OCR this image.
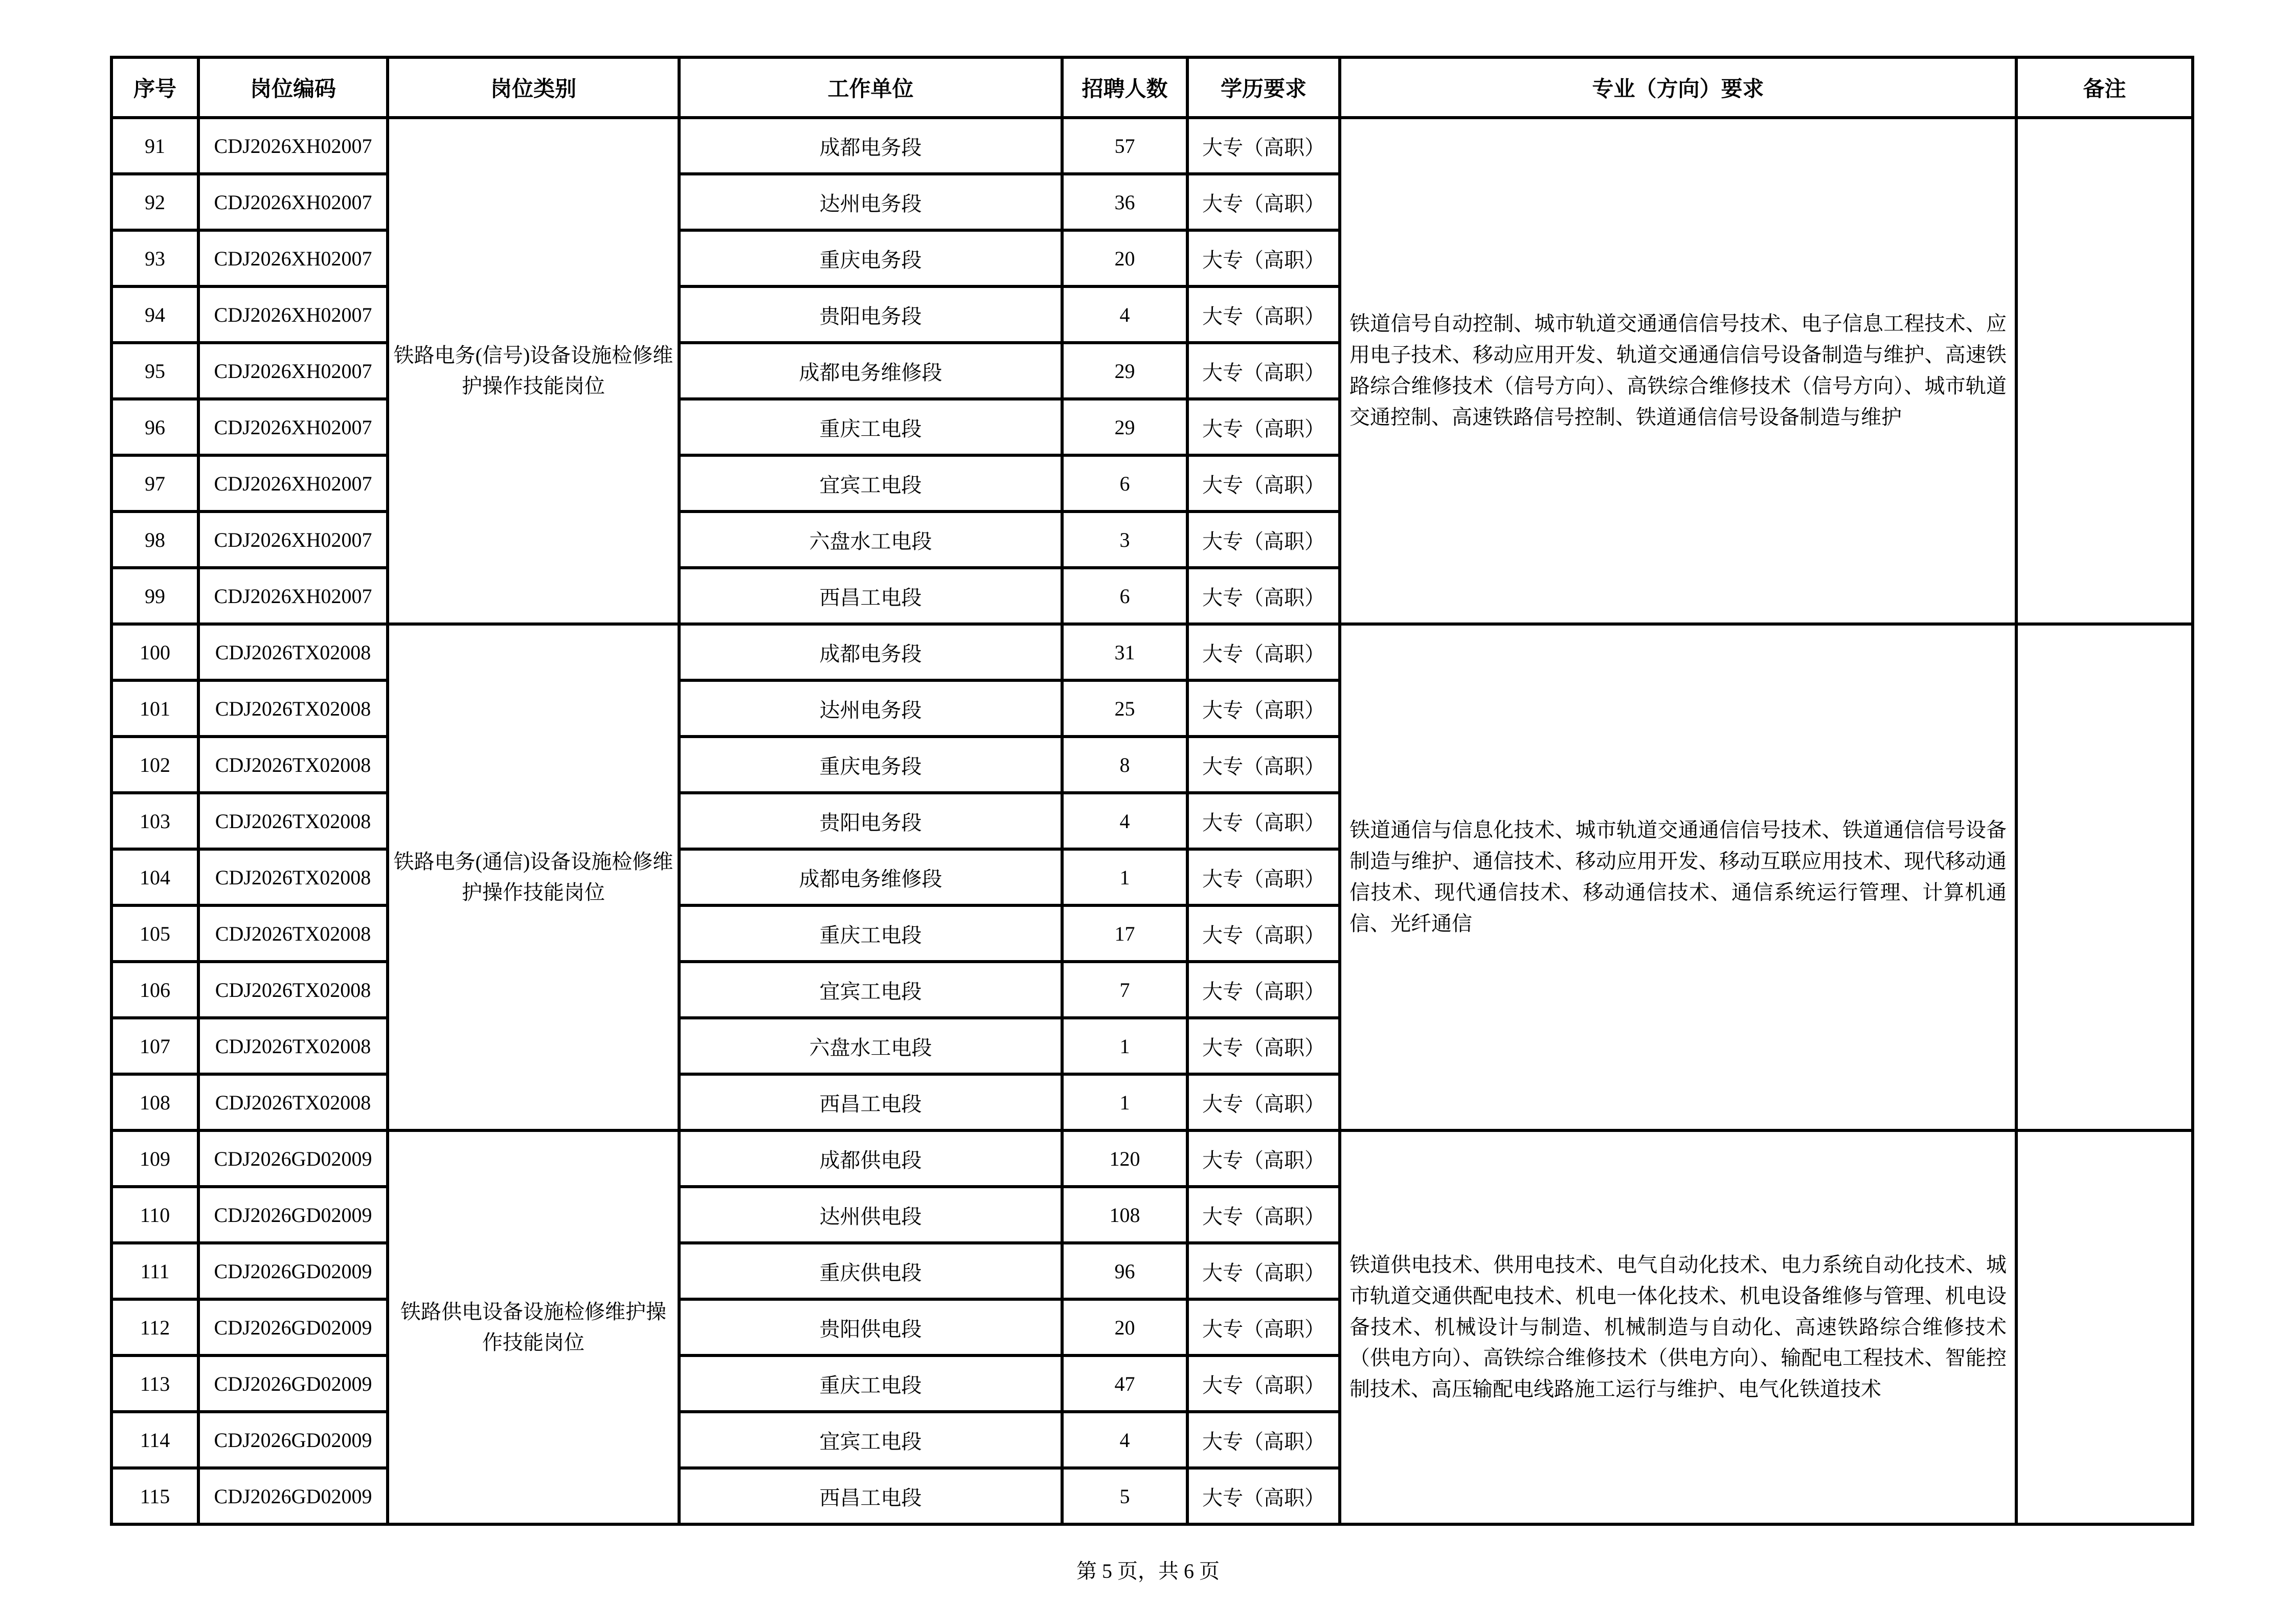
序号	岗位编码	岗位类别	工作单位	招聘人数	学历要求	专业（方向）要求	备注
91	CDJ2026XH02007	铁路电务(信号)设备设施检修维护操作技能岗位	成都电务段	57	大专（高职）	铁道信号自动控制、城市轨道交通通信信号技术、电子信息工程技术、应用电子技术、移动应用开发、轨道交通通信信号设备制造与维护、高速铁路综合维修技术（信号方向）、高铁综合维修技术（信号方向）、城市轨道交通控制、高速铁路信号控制、铁道通信信号设备制造与维护	
92	CDJ2026XH02007		达州电务段	36	大专（高职）		
93	CDJ2026XH02007		重庆电务段	20	大专（高职）		
94	CDJ2026XH02007		贵阳电务段	4	大专（高职）		
95	CDJ2026XH02007		成都电务维修段	29	大专（高职）		
96	CDJ2026XH02007		重庆工电段	29	大专（高职）		
97	CDJ2026XH02007		宜宾工电段	6	大专（高职）		
98	CDJ2026XH02007		六盘水工电段	3	大专（高职）		
99	CDJ2026XH02007		西昌工电段	6	大专（高职）		
100	CDJ2026TX02008	铁路电务(通信)设备设施检修维护操作技能岗位	成都电务段	31	大专（高职）	铁道通信与信息化技术、城市轨道交通通信信号技术、铁道通信信号设备制造与维护、通信技术、移动应用开发、移动互联应用技术、现代移动通信技术、现代通信技术、移动通信技术、通信系统运行管理、计算机通信、光纤通信	
101	CDJ2026TX02008		达州电务段	25	大专（高职）		
102	CDJ2026TX02008		重庆电务段	8	大专（高职）		
103	CDJ2026TX02008		贵阳电务段	4	大专（高职）		
104	CDJ2026TX02008		成都电务维修段	1	大专（高职）		
105	CDJ2026TX02008		重庆工电段	17	大专（高职）		
106	CDJ2026TX02008		宜宾工电段	7	大专（高职）		
107	CDJ2026TX02008		六盘水工电段	1	大专（高职）		
108	CDJ2026TX02008		西昌工电段	1	大专（高职）		
109	CDJ2026GD02009	铁路供电设备设施检修维护操作技能岗位	成都供电段	120	大专（高职）	铁道供电技术、供用电技术、电气自动化技术、电力系统自动化技术、城市轨道交通供配电技术、机电一体化技术、机电设备维修与管理、机电设备技术、机械设计与制造、机械制造与自动化、高速铁路综合维修技术（供电方向）、高铁综合维修技术（供电方向）、输配电工程技术、智能控制技术、高压输配电线路施工运行与维护、电气化铁道技术	
110	CDJ2026GD02009		达州供电段	108	大专（高职）		
111	CDJ2026GD02009		重庆供电段	96	大专（高职）		
112	CDJ2026GD02009		贵阳供电段	20	大专（高职）		
113	CDJ2026GD02009		重庆工电段	47	大专（高职）		
114	CDJ2026GD02009		宜宾工电段	4	大专（高职）		
115	CDJ2026GD02009		西昌工电段	5	大专（高职）		
第 5 页，共 6 页
